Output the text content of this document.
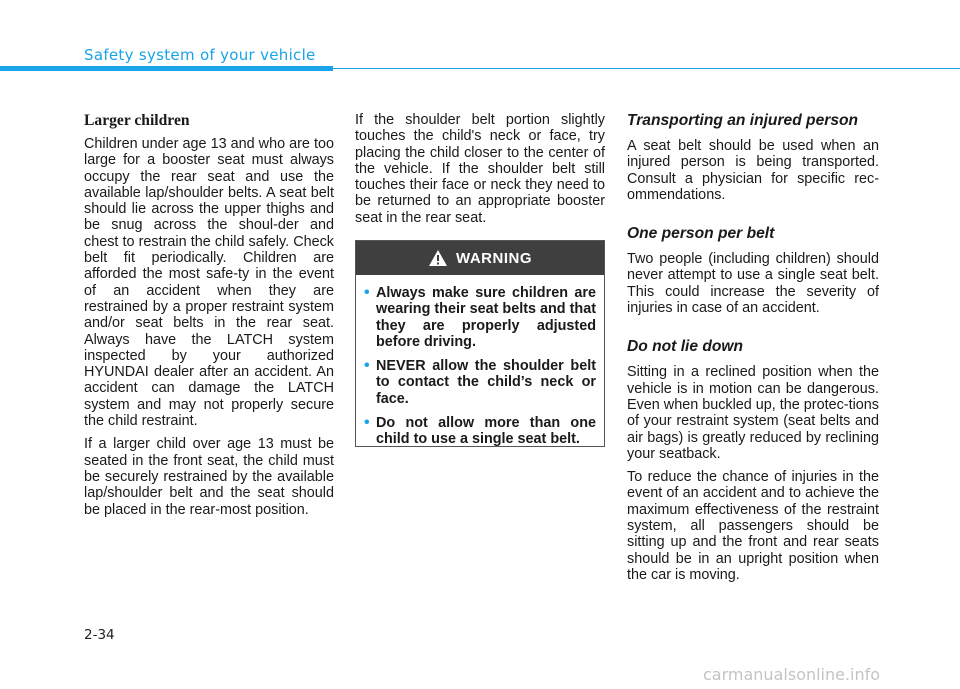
Safety system of your vehicle
Larger children

Children under age 13 and who are too large for a booster seat must always occupy the rear seat and use the available lap/shoulder belts. A seat belt should lie across the upper thighs and be snug across the shoul-der and chest to restrain the child safely. Check belt fit periodically. Children are afforded the most safe-ty in the event of an accident when they are restrained by a proper restraint system and/or seat belts in the rear seat. Always have the LATCH system inspected by your authorized HYUNDAI dealer after an accident. An accident can damage the LATCH system and may not properly secure the child restraint.

If a larger child over age 13 must be seated in the front seat, the child must be securely restrained by the available lap/shoulder belt and the seat should be placed in the rear-most position.

If the shoulder belt portion slightly touches the child's neck or face, try placing the child closer to the center of the vehicle. If the shoulder belt still touches their face or neck they need to be returned to an appropriate booster seat in the rear seat.

WARNING
• Always make sure children are wearing their seat belts and that they are properly adjusted before driving.
• NEVER allow the shoulder belt to contact the child’s neck or face.
• Do not allow more than one child to use a single seat belt.
Transporting an injured person

A seat belt should be used when an injured person is being transported. Consult a physician for specific rec-ommendations.

One person per belt

Two people (including children) should never attempt to use a single seat belt. This could increase the severity of injuries in case of an accident.

Do not lie down

Sitting in a reclined position when the vehicle is in motion can be dangerous. Even when buckled up, the protec-tions of your restraint system (seat belts and air bags) is greatly reduced by reclining your seatback.

To reduce the chance of injuries in the event of an accident and to achieve the maximum effectiveness of the restraint system, all passengers should be sitting up and the front and rear seats should be in an upright position when the car is moving.

2-34
carmanualsonline.info
